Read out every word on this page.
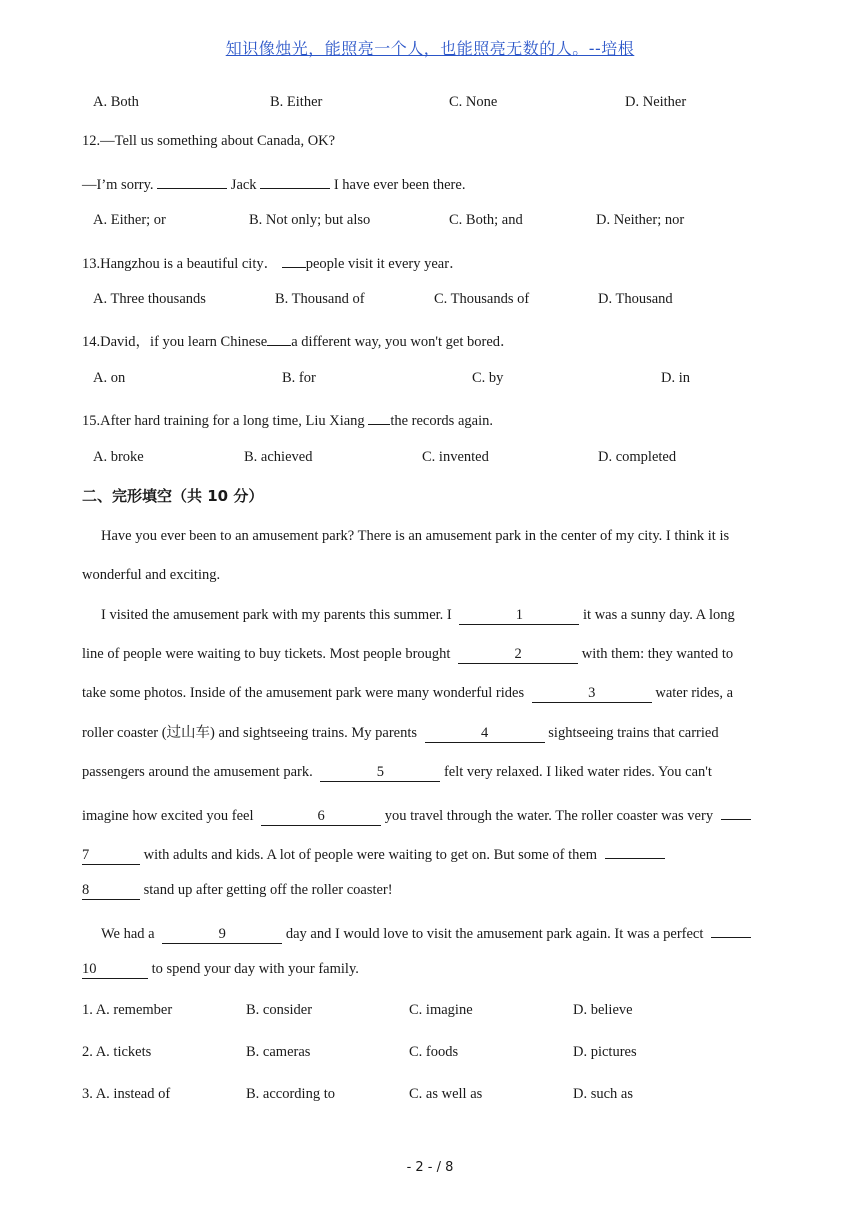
知识像烛光，能照亮一个人，也能照亮无数的人。--培根
A. Both	B. Either	C. None	D. Neither
12.—Tell us something about Canada, OK?
—I’m sorry.	Jack	I have ever been there.
A. Either; or	B. Not only; but also	C. Both; and	D. Neither; nor
13.Hangzhou is a beautiful city． people visit it every year．
A. Three thousands	B. Thousand of	C. Thousands of	D. Thousand
14.David，if you learn Chinese a different way, you won't get bored．
A. on	B. for	C. by	D. in
15.After hard training for a long time, Liu Xiang the records again.
A. broke	B. achieved	C. invented	D. completed
二、完形填空（共 10 分）
Have you ever been to an amusement park? There is an amusement park in the center of my city. I think it is
wonderful and exciting.
I visited the amusement park with my parents this summer. I	1	it was a sunny day. A long
line of people were waiting to buy tickets. Most people brought	2	with them: they wanted to
take some photos. Inside of the amusement park were many wonderful rides	3	water rides, a
roller coaster (过山车) and sightseeing trains. My parents	4	sightseeing trains that carried
passengers around the amusement park.	5	felt very relaxed. I liked water rides. You can't
imagine how excited you feel	6	you travel through the water. The roller coaster was very
7	with adults and kids. A lot of people were waiting to get on. But some of them
8	stand up after getting off the roller coaster!
We had a	9	day and I would love to visit the amusement park again. It was a perfect
10	to spend your day with your family.
1. A. remember	B. consider	C. imagine	D. believe
2. A. tickets	B. cameras	C. foods	D. pictures
3. A. instead of	B. according to	C. as well as	D. such as
- 2 - / 8
